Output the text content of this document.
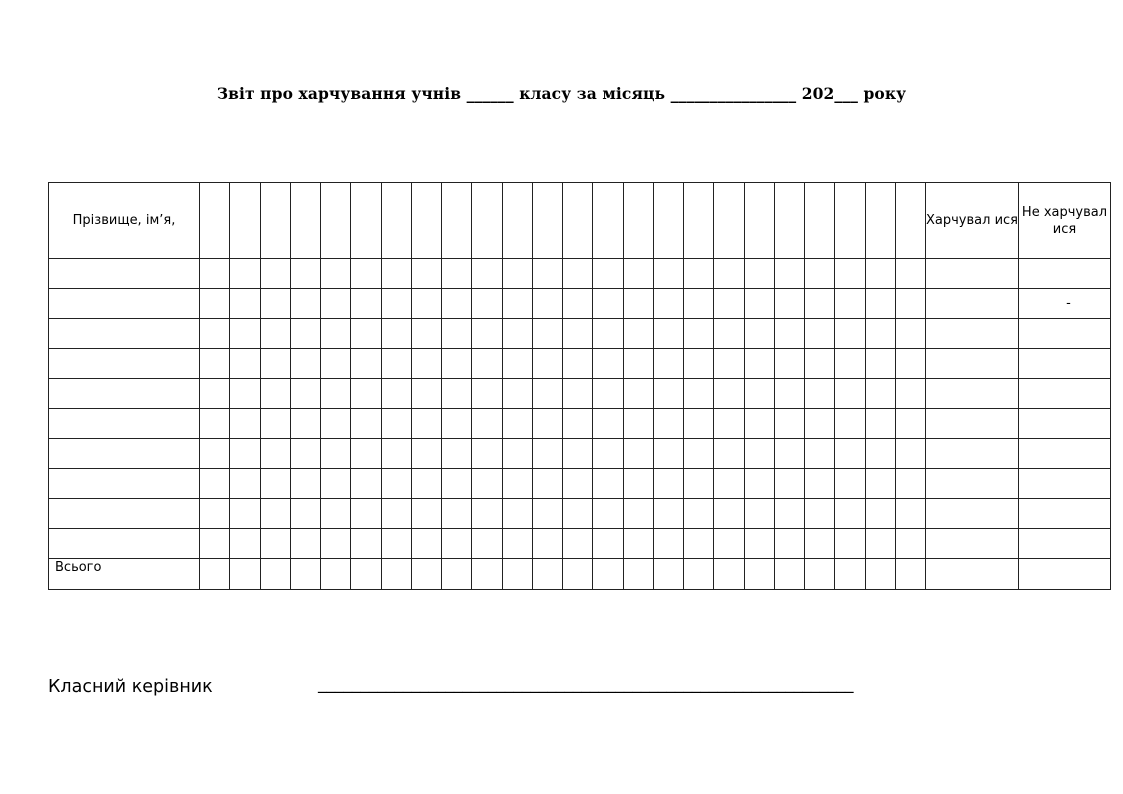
Звіт про харчування учнів ______ класу за місяць ________________ 202___ року
Прізвище, ім’я,																									Харчувал ися	Не харчувал ися

																										-

Всього																										
Класний керівник	_______________________________________________________________
